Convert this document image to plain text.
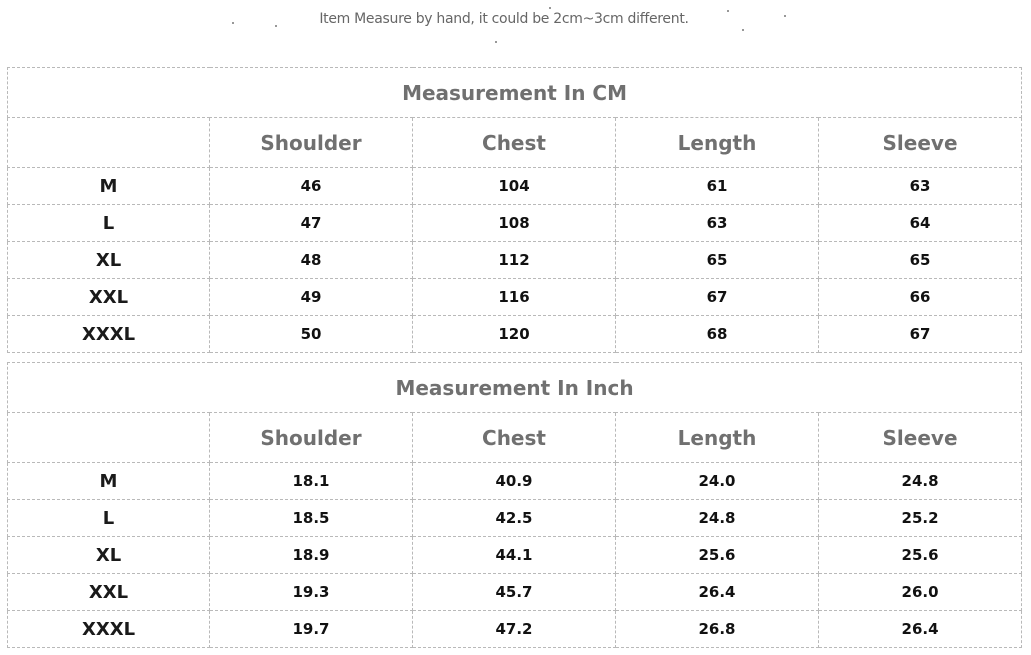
Item Measure by hand, it could be 2cm~3cm different.
Measurement In CM				
	Shoulder	Chest	Length	Sleeve
M	46	104	61	63
L	47	108	63	64
XL	48	112	65	65
XXL	49	116	67	66
XXXL	50	120	68	67
Measurement In Inch				
	Shoulder	Chest	Length	Sleeve
M	18.1	40.9	24.0	24.8
L	18.5	42.5	24.8	25.2
XL	18.9	44.1	25.6	25.6
XXL	19.3	45.7	26.4	26.0
XXXL	19.7	47.2	26.8	26.4
